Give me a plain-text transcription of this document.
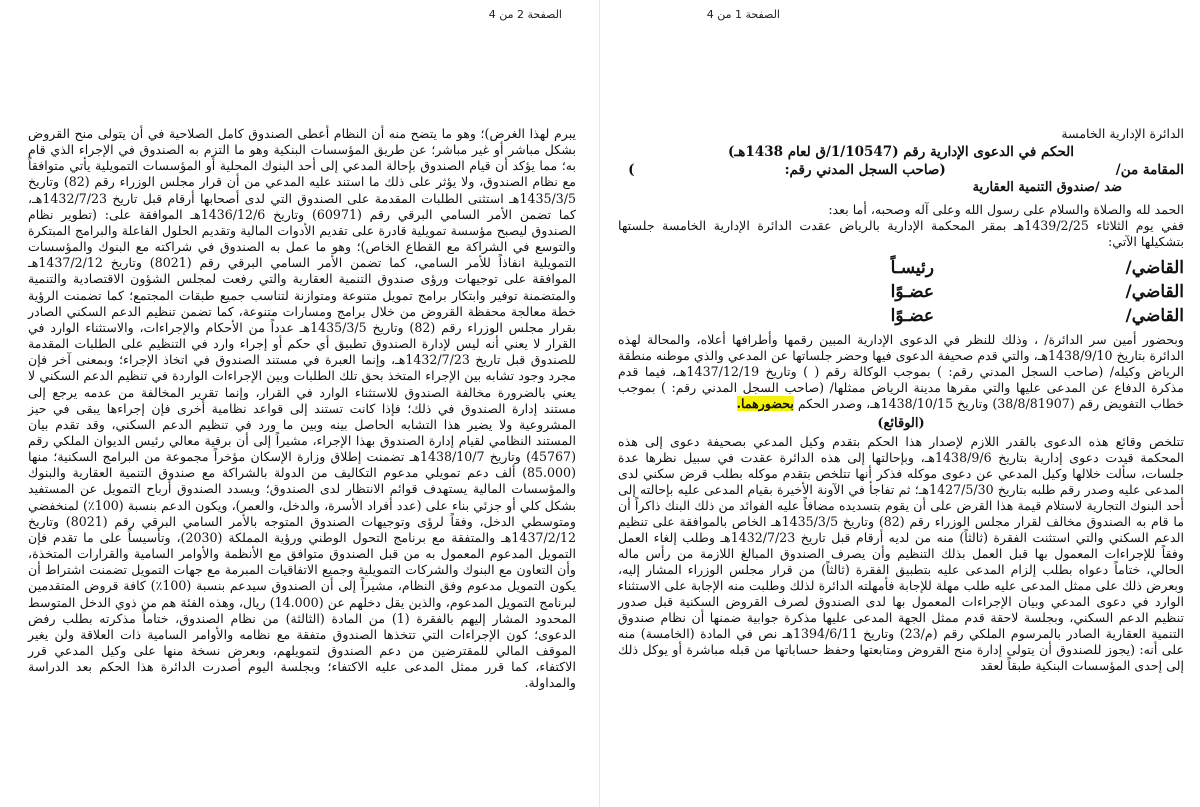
الصفحة 2 من 4

يبرم لهذا الغرض)؛ وهو ما يتضح منه أن النظام أعطى الصندوق كامل الصلاحية في أن يتولى منح القروض بشكل مباشر أو غير مباشر؛ عن طريق المؤسسات البنكية وهو ما التزم به الصندوق في الإجراء الذي قام به؛ مما يؤكد أن قيام الصندوق بإحالة المدعي إلى أحد البنوك المحلية أو المؤسسات التمويلية يأتي متوافقاً مع نظام الصندوق، ولا يؤثر على ذلك ما استند عليه المدعي من أن قرار مجلس الوزراء رقم (82) وتاريخ 1435/3/5هـ استثنى الطلبات المقدمة على الصندوق التي لدى أصحابها أرقام قبل تاريخ 1432/7/23هـ، كما تضمن الأمر السامي البرقي رقم (60971) وتاريخ 1436/12/6هـ الموافقة على: (تطوير نظام الصندوق ليصبح مؤسسة تمويلية قادرة على تقديم الأدوات المالية وتقديم الحلول الفاعلة والبرامج المبتكرة والتوسع في الشراكة مع القطاع الخاص)؛ وهو ما عمل به الصندوق في شراكته مع البنوك والمؤسسات التمويلية انفاذاً للأمر السامي، كما تضمن الأمر السامي البرقي رقم (8021) وتاريخ 1437/2/12هـ الموافقة على توجيهات ورؤى صندوق التنمية العقارية والتي رفعت لمجلس الشؤون الاقتصادية والتنمية والمتضمنة توفير وابتكار برامج تمويل متنوعة ومتوازنة لتناسب جميع طبقات المجتمع؛ كما تضمنت الرؤية خطة معالجة محفظة القروض من خلال برامج ومسارات متنوعة، كما تضمن تنظيم الدعم السكني الصادر بقرار مجلس الوزراء رقم (82) وتاريخ 1435/3/5هـ عدداً من الأحكام والإجراءات، والاستثناء الوارد في القرار لا يعني أنه ليس لإدارة الصندوق تطبيق أي حكم أو إجراء وارد في التنظيم على الطلبات المقدمة للصندوق قبل تاريخ 1432/7/23هـ، وإنما العبرة في مستند الصندوق في اتخاذ الإجراء؛ وبمعنى آخر فإن مجرد وجود تشابه بين الإجراء المتخذ بحق تلك الطلبات وبين الإجراءات الواردة في تنظيم الدعم السكني لا يعني بالضرورة مخالفة الصندوق للاستثناء الوارد في القرار، وإنما تقرير المخالفة من عدمه يرجع إلى مستند إدارة الصندوق في ذلك؛ فإذا كانت تستند إلى قواعد نظامية أخرى فإن إجراءها يبقى في حيز المشروعية ولا يضير هذا التشابه الحاصل بينه وبين ما ورد في تنظيم الدعم السكني، وقد تقدم بيان المستند النظامي لقيام إدارة الصندوق بهذا الإجراء، مشيراً إلى أن برقية معالي رئيس الديوان الملكي رقم (45767) وتاريخ 1438/10/7هـ تضمنت إطلاق وزارة الإسكان مؤخراً مجموعة من البرامج السكنية؛ منها (85.000) ألف دعم تمويلي مدعوم التكاليف من الدولة بالشراكة مع صندوق التنمية العقارية والبنوك والمؤسسات المالية يستهدف قوائم الانتظار لدى الصندوق؛ ويسدد الصندوق أرباح التمويل عن المستفيد بشكل كلي أو جزئي بناء على (عدد أفراد الأسرة، والدخل، والعمر)، ويكون الدعم بنسبة (100٪) لمنخفضي ومتوسطي الدخل، وفقاً لرؤى وتوجيهات الصندوق المتوجه بالأمر السامي البرقي رقم (8021) وتاريخ 1437/2/12هـ والمتفقة مع برنامج التحول الوطني ورؤية المملكة (2030)، وتأسيساً على ما تقدم فإن التمويل المدعوم المعمول به من قبل الصندوق متوافق مع الأنظمة والأوامر السامية والقرارات المتخذة، وأن التعاون مع البنوك والشركات التمويلية وجميع الاتفاقيات المبرمة مع جهات التمويل تضمنت اشتراط أن يكون التمويل مدعوم وفق النظام، مشيراً إلى أن الصندوق سيدعم بنسبة (100٪) كافة قروض المتقدمين لبرنامج التمويل المدعوم، والذين يقل دخلهم عن (14.000) ريال، وهذه الفئة هم من ذوي الدخل المتوسط المحدود المشار إليهم بالفقرة (1) من المادة (الثالثة) من نظام الصندوق، ختاماً مذكرته بطلب رفض الدعوى؛ كون الإجراءات التي تتخذها الصندوق متفقة مع نظامه والأوامر السامية ذات العلاقة ولن يغير الموقف المالي للمقترضين من دعم الصندوق لتمويلهم، وبعرض نسخة منها على وكيل المدعي قرر الاكتفاء، كما قرر ممثل المدعى عليه الاكتفاء؛ وبجلسة اليوم أصدرت الدائرة هذا الحكم بعد الدراسة والمداولة.

الصفحة 1 من 4
الدائرة الإدارية الخامسة
الحكم في الدعوى الإدارية رقم (1/10547/ق لعام 1438هـ)
المقامة من/
(صاحب السجل المدني رقم:
)
ضد /صندوق التنمية العقارية

الحمد لله والصلاة والسلام على رسول الله وعلى آله وصحبه، أما بعد:

ففي يوم الثلاثاء 1439/2/25هـ بمقر المحكمة الإدارية بالرياض عقدت الدائرة الإدارية الخامسة جلستها بتشكيلها الآتي:

القاضي/
رئيسـاً
القاضي/
عضـوًا
القاضي/
عضـوًا

وبحضور أمين سر الدائرة/ ، وذلك للنظر في الدعوى الإدارية المبين رقمها وأطرافها أعلاه، والمحالة لهذه الدائرة بتاريخ 1438/9/10هـ، والتي قدم صحيفة الدعوى فيها وحضر جلساتها عن المدعي والذي موطنه منطقة الرياض وكيله/ (صاحب السجل المدني رقم: ) بموجب الوكالة رقم ( ) وتاريخ 1437/12/19هـ، فيما قدم مذكرة الدفاع عن المدعى عليها والتي مقرها مدينة الرياض ممثلها/ (صاحب السجل المدني رقم: ) بموجب خطاب التفويض رقم (38/8/81907) وتاريخ 1438/10/15هـ، وصدر الحكم بحضورهما.

(الوقائع)

تتلخص وقائع هذه الدعوى بالقدر اللازم لإصدار هذا الحكم بتقدم وكيل المدعي بصحيفة دعوى إلى هذه المحكمة قيدت دعوى إدارية بتاريخ 1438/9/6هـ، وبإحالتها إلى هذه الدائرة عقدت في سبيل نظرها عدة جلسات، سألت خلالها وكيل المدعي عن دعوى موكله فذكر أنها تتلخص بتقدم موكله بطلب قرض سكني لدى المدعى عليه وصدر رقم طلبه بتاريخ 1427/5/30هـ؛ ثم تفاجأ في الآونة الأخيرة بقيام المدعى عليه بإحالته إلى أحد البنوك التجارية لاستلام قيمة هذا القرض على أن يقوم بتسديده مضافاً عليه الفوائد من ذلك البنك ذاكراً أن ما قام به الصندوق مخالف لقرار مجلس الوزراء رقم (82) وتاريخ 1435/3/5هـ الخاص بالموافقة على تنظيم الدعم السكني والتي استثنت الفقرة (ثالثاً) منه من لديه أرقام قبل تاريخ 1432/7/23هـ وطلب إلغاء العمل وفقاً للإجراءات المعمول بها قبل العمل بذلك التنظيم وأن يصرف الصندوق المبالغ اللازمة من رأس ماله الحالي، ختاماً دعواه بطلب إلزام المدعى عليه بتطبيق الفقرة (ثالثاً) من قرار مجلس الوزراء المشار إليه، وبعرض ذلك على ممثل المدعى عليه طلب مهلة للإجابة فأمهلته الدائرة لذلك وطلبت منه الإجابة على الاستثناء الوارد في دعوى المدعي وبيان الإجراءات المعمول بها لدى الصندوق لصرف القروض السكنية قبل صدور تنظيم الدعم السكني، وبجلسة لاحقة قدم ممثل الجهة المدعى عليها مذكرة جوابية ضمنها أن نظام صندوق التنمية العقارية الصادر بالمرسوم الملكي رقم (م/23) وتاريخ 1394/6/11هـ نص في المادة (الخامسة) منه على أنه: (يجوز للصندوق أن يتولى إدارة منح القروض ومتابعتها وحفظ حساباتها من قبله مباشرة أو يوكل ذلك إلى إحدى المؤسسات البنكية طبقاً لعقد
